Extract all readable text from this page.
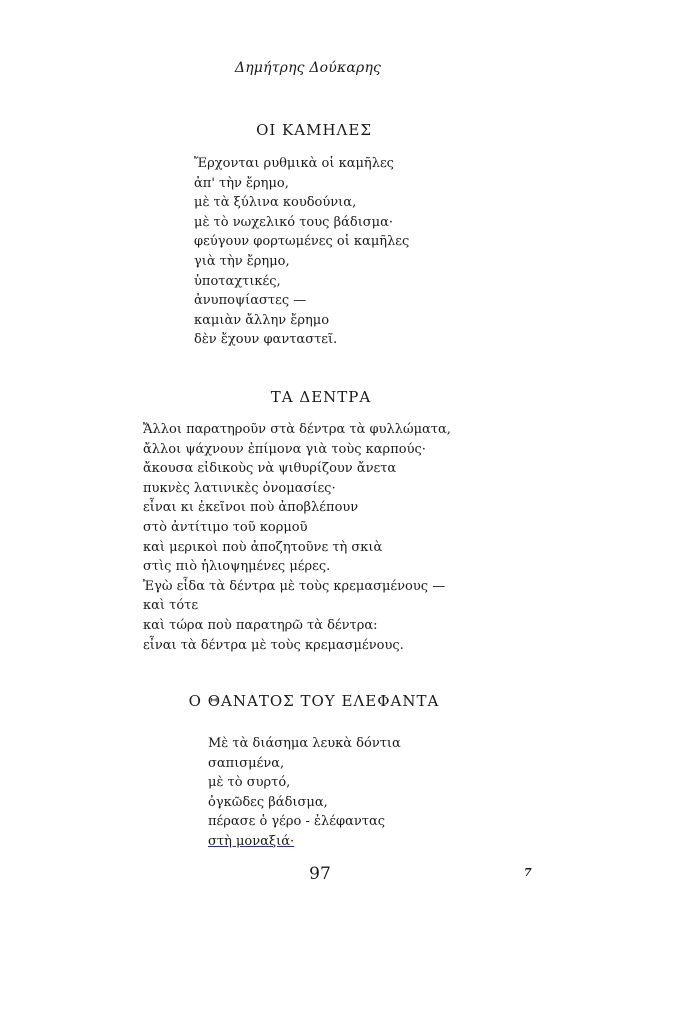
Δημήτρης Δούκαρης
ΟΙ ΚΑΜΗΛΕΣ
Ἔρχονται ρυθμικὰ οἱ καμῆλες
ἀπ' τὴν ἔρημο,
μὲ τὰ ξύλινα κουδούνια,
μὲ τὸ νωχελικό τους βάδισμα·
φεύγουν φορτωμένες οἱ καμῆλες
γιὰ τὴν ἔρημο,
ὑποταχτικές,
ἀνυποψίαστες —
καμιὰν ἄλλην ἔρημο
δὲν ἔχουν φανταστεῖ.
ΤΑ ΔΕΝΤΡΑ
Ἄλλοι παρατηροῦν στὰ δέντρα τὰ φυλλώματα,
ἄλλοι ψάχνουν ἐπίμονα γιὰ τοὺς καρπούς·
ἄκουσα εἰδικοὺς νὰ ψιθυρίζουν ἄνετα
πυκνὲς λατινικὲς ὀνομασίες·
εἶναι κι ἐκεῖνοι ποὺ ἀποβλέπουν
στὸ ἀντίτιμο τοῦ κορμοῦ
καὶ μερικοὶ ποὺ ἀποζητοῦνε τὴ σκιὰ
στὶς πιὸ ἡλιοψημένες μέρες.
Ἐγὼ εἶδα τὰ δέντρα μὲ τοὺς κρεμασμένους —
καὶ τότε
καὶ τώρα ποὺ παρατηρῶ τὰ δέντρα:
εἶναι τὰ δέντρα μὲ τοὺς κρεμασμένους.
Ο ΘΑΝΑΤΟΣ ΤΟΥ ΕΛΕΦΑΝΤΑ
Μὲ τὰ διάσημα λευκὰ δόντια
σαπισμένα,
μὲ τὸ συρτό,
ὀγκῶδες βάδισμα,
πέρασε ὁ γέρο - ἐλέφαντας
στὴ μοναξιά·
97	7
